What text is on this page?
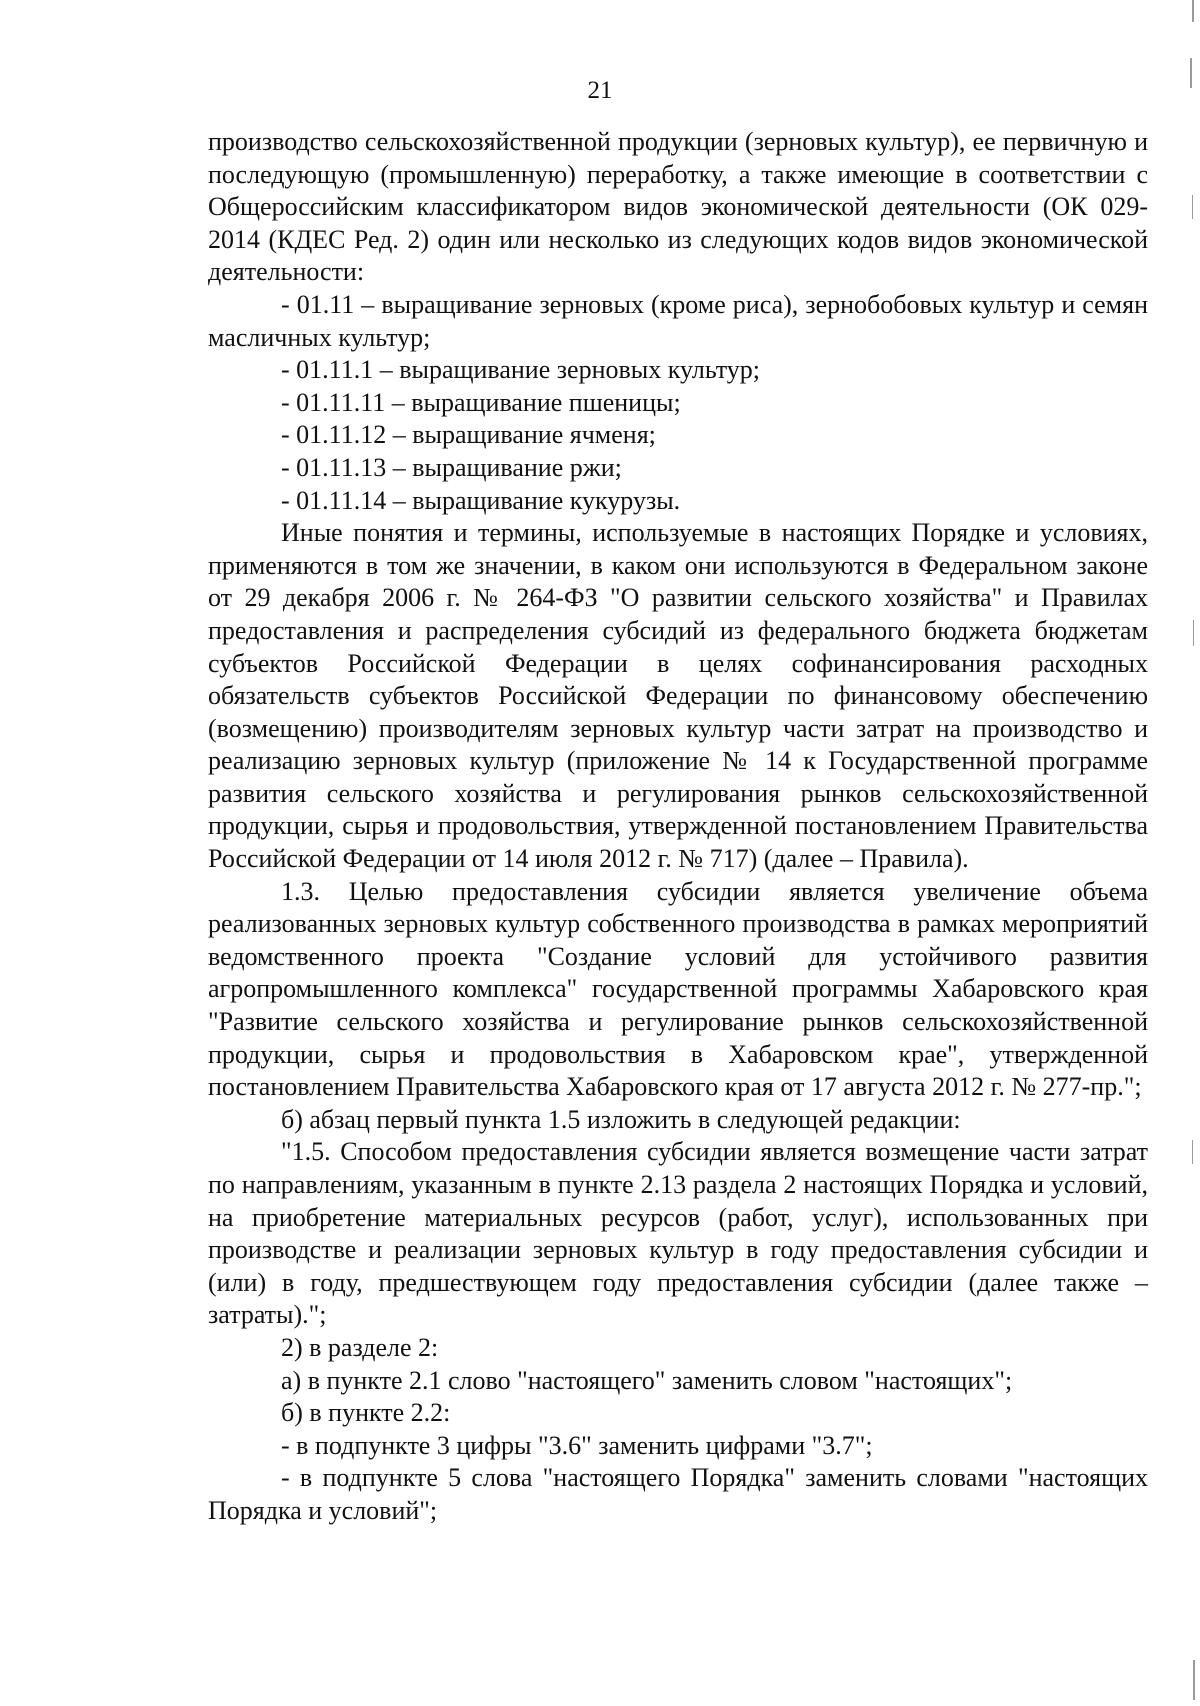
21

производство сельскохозяйственной продукции (зерновых культур), ее первичную и последующую (промышленную) переработку, а также имеющие в соответствии с Общероссийским классификатором видов экономической деятельности (ОК 029-2014 (КДЕС Ред. 2) один или несколько из следующих кодов видов экономической деятельности:

- 01.11 – выращивание зерновых (кроме риса), зернобобовых культур и семян масличных культур;

- 01.11.1 – выращивание зерновых культур;

- 01.11.11 – выращивание пшеницы;

- 01.11.12 – выращивание ячменя;

- 01.11.13 – выращивание ржи;

- 01.11.14 – выращивание кукурузы.

Иные понятия и термины, используемые в настоящих Порядке и условиях, применяются в том же значении, в каком они используются в Федеральном законе от 29 декабря 2006 г. № 264-ФЗ "О развитии сельского хозяйства" и Правилах предоставления и распределения субсидий из федерального бюджета бюджетам субъектов Российской Федерации в целях софинансирования расходных обязательств субъектов Российской Федерации по финансовому обеспечению (возмещению) производителям зерновых культур части затрат на производство и реализацию зерновых культур (приложение № 14 к Государственной программе развития сельского хозяйства и регулирования рынков сельскохозяйственной продукции, сырья и продовольствия, утвержденной постановлением Правительства Российской Федерации от 14 июля 2012 г. № 717) (далее – Правила).

1.3. Целью предоставления субсидии является увеличение объема реализованных зерновых культур собственного производства в рамках мероприятий ведомственного проекта "Создание условий для устойчивого развития агропромышленного комплекса" государственной программы Хабаровского края "Развитие сельского хозяйства и регулирование рынков сельскохозяйственной продукции, сырья и продовольствия в Хабаровском крае", утвержденной постановлением Правительства Хабаровского края от 17 августа 2012 г. № 277-пр.";

б) абзац первый пункта 1.5 изложить в следующей редакции:

"1.5. Способом предоставления субсидии является возмещение части затрат по направлениям, указанным в пункте 2.13 раздела 2 настоящих Порядка и условий, на приобретение материальных ресурсов (работ, услуг), использованных при производстве и реализации зерновых культур в году предоставления субсидии и (или) в году, предшествующем году предоставления субсидии (далее также – затраты).";

2) в разделе 2:

а) в пункте 2.1 слово "настоящего" заменить словом "настоящих";

б) в пункте 2.2:

- в подпункте 3 цифры "3.6" заменить цифрами "3.7";

- в подпункте 5 слова "настоящего Порядка" заменить словами "настоящих Порядка и условий";
